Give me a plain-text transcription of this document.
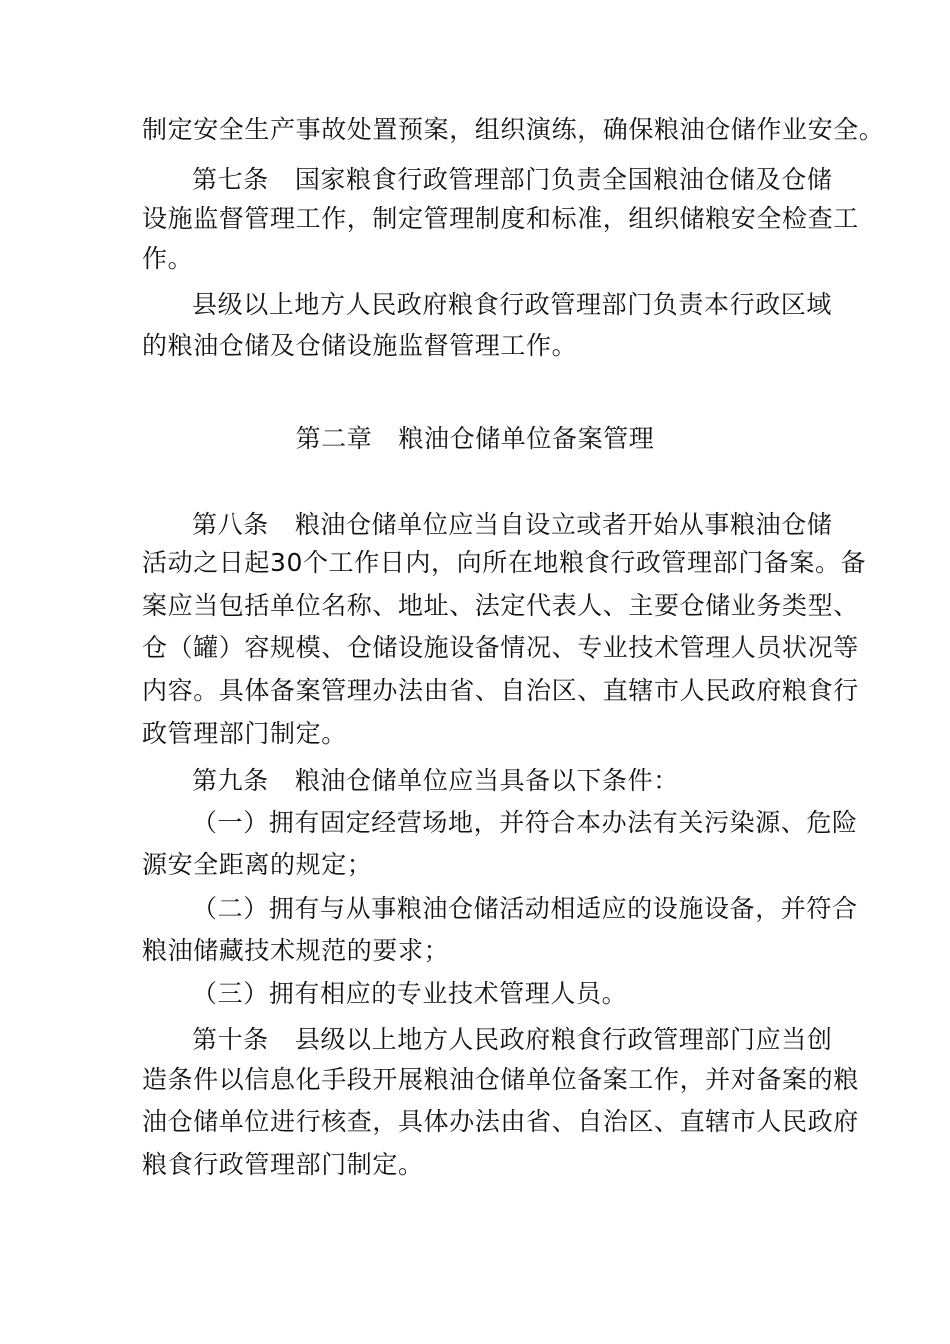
制定安全生产事故处置预案，组织演练，确保粮油仓储作业安全。
第七条 国家粮食行政管理部门负责全国粮油仓储及仓储
设施监督管理工作，制定管理制度和标准，组织储粮安全检查工
作。
县级以上地方人民政府粮食行政管理部门负责本行政区域
的粮油仓储及仓储设施监督管理工作。
第二章 粮油仓储单位备案管理
第八条 粮油仓储单位应当自设立或者开始从事粮油仓储
活动之日起30个工作日内，向所在地粮食行政管理部门备案。备
案应当包括单位名称、地址、法定代表人、主要仓储业务类型、
仓（罐）容规模、仓储设施设备情况、专业技术管理人员状况等
内容。具体备案管理办法由省、自治区、直辖市人民政府粮食行
政管理部门制定。
第九条 粮油仓储单位应当具备以下条件：
（一）拥有固定经营场地，并符合本办法有关污染源、危险
源安全距离的规定；
（二）拥有与从事粮油仓储活动相适应的设施设备，并符合
粮油储藏技术规范的要求；
（三）拥有相应的专业技术管理人员。
第十条 县级以上地方人民政府粮食行政管理部门应当创
造条件以信息化手段开展粮油仓储单位备案工作，并对备案的粮
油仓储单位进行核查，具体办法由省、自治区、直辖市人民政府
粮食行政管理部门制定。
